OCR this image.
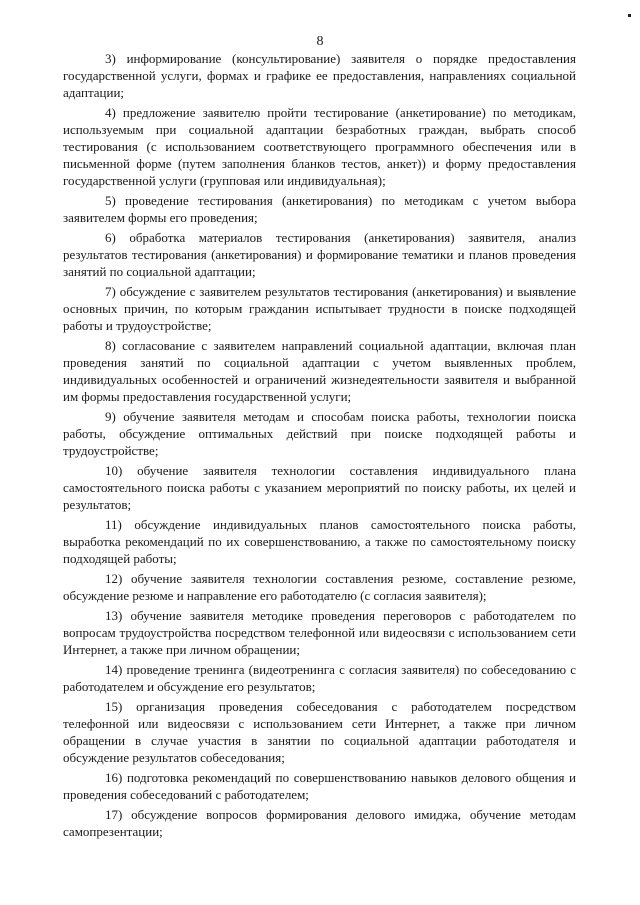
8

3) информирование (консультирование) заявителя о порядке предоставления государственной услуги, формах и графике ее предоставления, направлениях социальной адаптации;

4) предложение заявителю пройти тестирование (анкетирование) по методикам, используемым при социальной адаптации безработных граждан, выбрать способ тестирования (с использованием соответствующего программного обеспечения или в письменной форме (путем заполнения бланков тестов, анкет)) и форму предоставления государственной услуги (групповая или индивидуальная);

5) проведение тестирования (анкетирования) по методикам с учетом выбора заявителем формы его проведения;

6) обработка материалов тестирования (анкетирования) заявителя, анализ результатов тестирования (анкетирования) и формирование тематики и планов проведения занятий по социальной адаптации;

7) обсуждение с заявителем результатов тестирования (анкетирования) и выявление основных причин, по которым гражданин испытывает трудности в поиске подходящей работы и трудоустройстве;

8) согласование с заявителем направлений социальной адаптации, включая план проведения занятий по социальной адаптации с учетом выявленных проблем, индивидуальных особенностей и ограничений жизнедеятельности заявителя и выбранной им формы предоставления государственной услуги;

9) обучение заявителя методам и способам поиска работы, технологии поиска работы, обсуждение оптимальных действий при поиске подходящей работы и трудоустройстве;

10) обучение заявителя технологии составления индивидуального плана самостоятельного поиска работы с указанием мероприятий по поиску работы, их целей и результатов;

11) обсуждение индивидуальных планов самостоятельного поиска работы, выработка рекомендаций по их совершенствованию, а также по самостоятельному поиску подходящей работы;

12) обучение заявителя технологии составления резюме, составление резюме, обсуждение резюме и направление его работодателю (с согласия заявителя);

13) обучение заявителя методике проведения переговоров с работодателем по вопросам трудоустройства посредством телефонной или видеосвязи с использованием сети Интернет, а также при личном обращении;

14) проведение тренинга (видеотренинга с согласия заявителя) по собеседованию с работодателем и обсуждение его результатов;

15) организация проведения собеседования с работодателем посредством телефонной или видеосвязи с использованием сети Интернет, а также при личном обращении в случае участия в занятии по социальной адаптации работодателя и обсуждение результатов собеседования;

16) подготовка рекомендаций по совершенствованию навыков делового общения и проведения собеседований с работодателем;

17) обсуждение вопросов формирования делового имиджа, обучение методам самопрезентации;
